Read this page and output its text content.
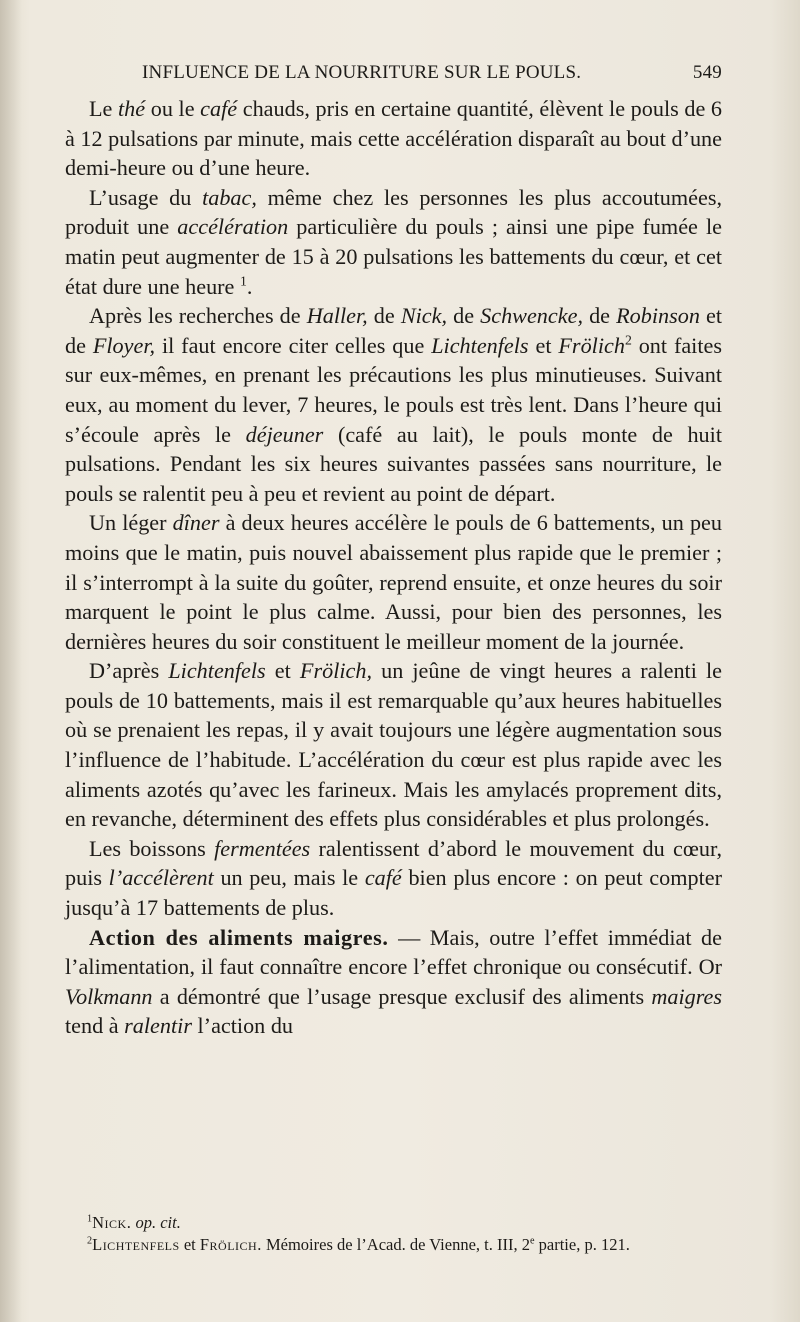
INFLUENCE DE LA NOURRITURE SUR LE POULS.	549

Le thé ou le café chauds, pris en certaine quantité, élèvent le pouls de 6 à 12 pulsations par minute, mais cette accélération disparaît au bout d’une demi-heure ou d’une heure.

L’usage du tabac, même chez les personnes les plus accoutumées, produit une accélération particulière du pouls ; ainsi une pipe fumée le matin peut augmenter de 15 à 20 pulsations les battements du cœur, et cet état dure une heure $^1$.

Après les recherches de Haller, de Nick, de Schwencke, de Robinson et de Floyer, il faut encore citer celles que Lichtenfels et Frölich$^2$ ont faites sur eux-mêmes, en prenant les précautions les plus minutieuses. Suivant eux, au moment du lever, 7 heures, le pouls est très lent. Dans l’heure qui s’écoule après le déjeuner (café au lait), le pouls monte de huit pulsations. Pendant les six heures suivantes passées sans nourriture, le pouls se ralentit peu à peu et revient au point de départ.

Un léger dîner à deux heures accélère le pouls de 6 battements, un peu moins que le matin, puis nouvel abaissement plus rapide que le premier ; il s’interrompt à la suite du goûter, reprend ensuite, et onze heures du soir marquent le point le plus calme. Aussi, pour bien des personnes, les dernières heures du soir constituent le meilleur moment de la journée.

D’après Lichtenfels et Frölich, un jeûne de vingt heures a ralenti le pouls de 10 battements, mais il est remarquable qu’aux heures habituelles où se prenaient les repas, il y avait toujours une légère augmentation sous l’influence de l’habitude. L’accélération du cœur est plus rapide avec les aliments azotés qu’avec les farineux. Mais les amylacés proprement dits, en revanche, déterminent des effets plus considérables et plus prolongés.

Les boissons fermentées ralentissent d’abord le mouvement du cœur, puis l’accélèrent un peu, mais le café bien plus encore : on peut compter jusqu’à 17 battements de plus.

Action des aliments maigres. — Mais, outre l’effet immédiat de l’alimentation, il faut connaître encore l’effet chronique ou consécutif. Or Volkmann a démontré que l’usage presque exclusif des aliments maigres tend à ralentir l’action du

$^1$Nick. op. cit.

$^2$Lichtenfels et Frölich. Mémoires de l’Acad. de Vienne, t. III, 2e partie, p. 121.
